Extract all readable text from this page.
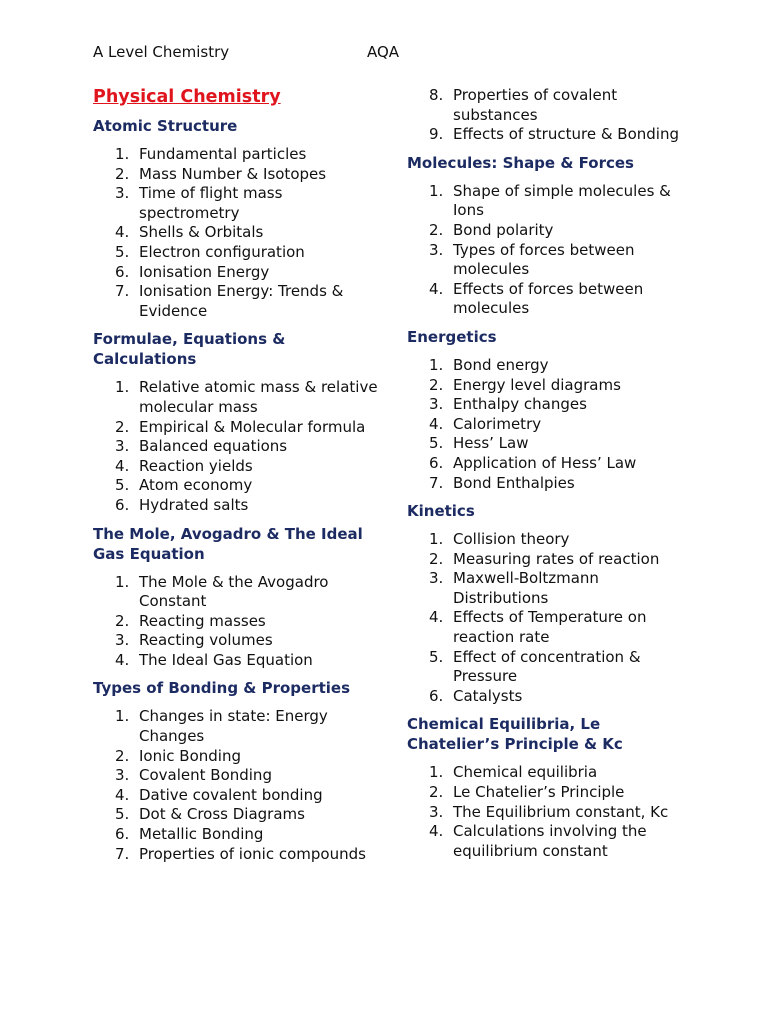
A Level Chemistry	AQA
Physical Chemistry
Atomic Structure
1. Fundamental particles
2. Mass Number & Isotopes
3. Time of flight mass spectrometry
4. Shells & Orbitals
5. Electron configuration
6. Ionisation Energy
7. Ionisation Energy: Trends & Evidence
Formulae, Equations & Calculations
1. Relative atomic mass & relative molecular mass
2. Empirical & Molecular formula
3. Balanced equations
4. Reaction yields
5. Atom economy
6. Hydrated salts
The Mole, Avogadro & The Ideal Gas Equation
1. The Mole & the Avogadro Constant
2. Reacting masses
3. Reacting volumes
4. The Ideal Gas Equation
Types of Bonding & Properties
1. Changes in state: Energy Changes
2. Ionic Bonding
3. Covalent Bonding
4. Dative covalent bonding
5. Dot & Cross Diagrams
6. Metallic Bonding
7. Properties of ionic compounds
8. Properties of covalent substances
9. Effects of structure & Bonding
Molecules: Shape & Forces
1. Shape of simple molecules & Ions
2. Bond polarity
3. Types of forces between molecules
4. Effects of forces between molecules
Energetics
1. Bond energy
2. Energy level diagrams
3. Enthalpy changes
4. Calorimetry
5. Hess’ Law
6. Application of Hess’ Law
7. Bond Enthalpies
Kinetics
1. Collision theory
2. Measuring rates of reaction
3. Maxwell-Boltzmann Distributions
4. Effects of Temperature on reaction rate
5. Effect of concentration & Pressure
6. Catalysts
Chemical Equilibria, Le Chatelier’s Principle & Kc
1. Chemical equilibria
2. Le Chatelier’s Principle
3. The Equilibrium constant, Kc
4. Calculations involving the equilibrium constant
